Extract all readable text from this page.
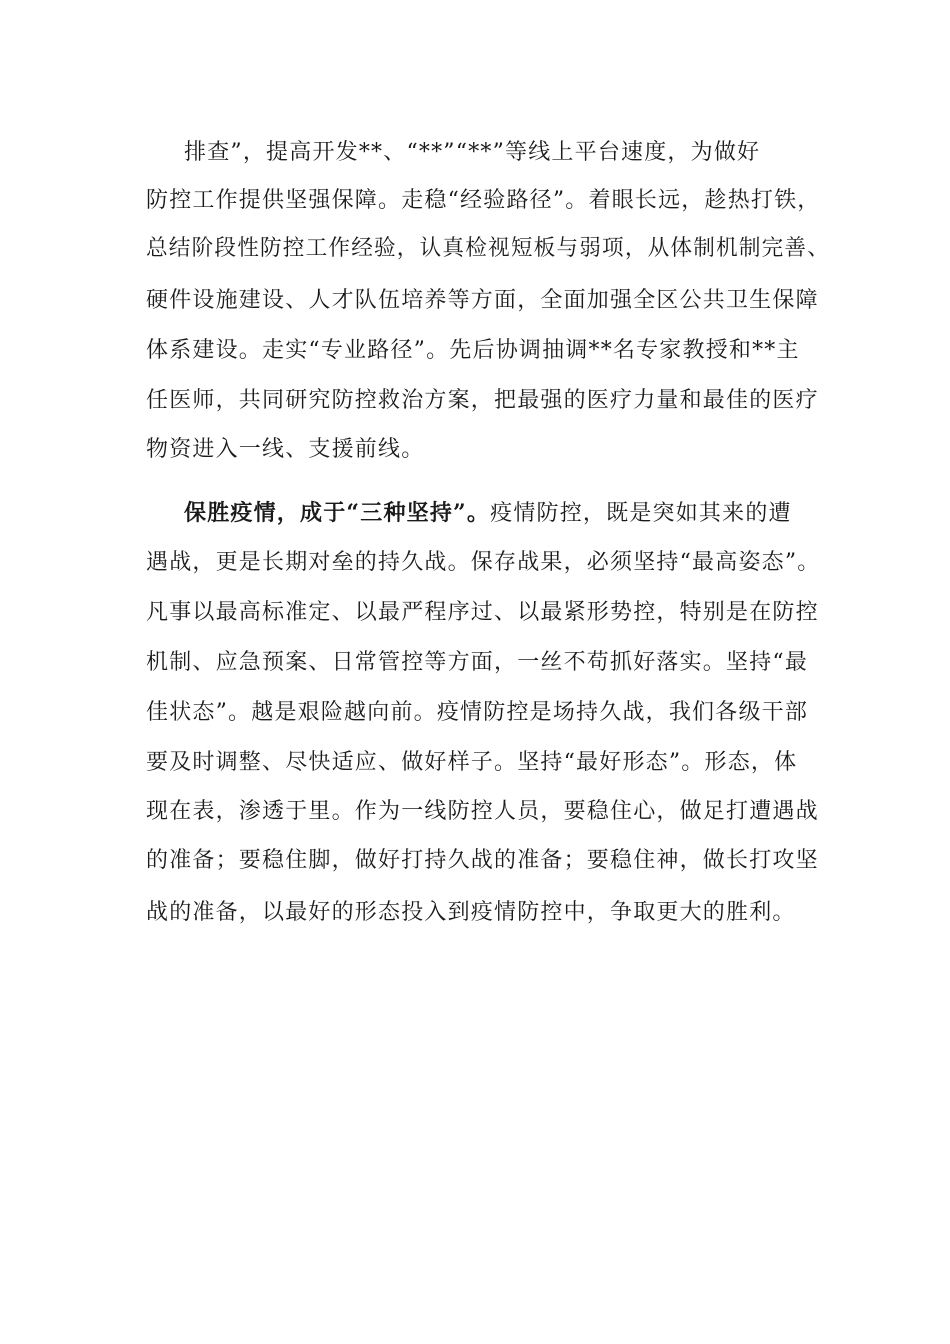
排查”，提高开发**、“**”“**”等线上平台速度，为做好
防控工作提供坚强保障。走稳“经验路径”。着眼长远，趁热打铁，
总结阶段性防控工作经验，认真检视短板与弱项，从体制机制完善、
硬件设施建设、人才队伍培养等方面，全面加强全区公共卫生保障
体系建设。走实“专业路径”。先后协调抽调**名专家教授和**主
任医师，共同研究防控救治方案，把最强的医疗力量和最佳的医疗
物资进入一线、支援前线。
保胜疫情，成于“三种坚持”。疫情防控，既是突如其来的遭
遇战，更是长期对垒的持久战。保存战果，必须坚持“最高姿态”。
凡事以最高标准定、以最严程序过、以最紧形势控，特别是在防控
机制、应急预案、日常管控等方面，一丝不苟抓好落实。坚持“最
佳状态”。越是艰险越向前。疫情防控是场持久战，我们各级干部
要及时调整、尽快适应、做好样子。坚持“最好形态”。形态，体
现在表，渗透于里。作为一线防控人员，要稳住心，做足打遭遇战
的准备；要稳住脚，做好打持久战的准备；要稳住神，做长打攻坚
战的准备，以最好的形态投入到疫情防控中，争取更大的胜利。
